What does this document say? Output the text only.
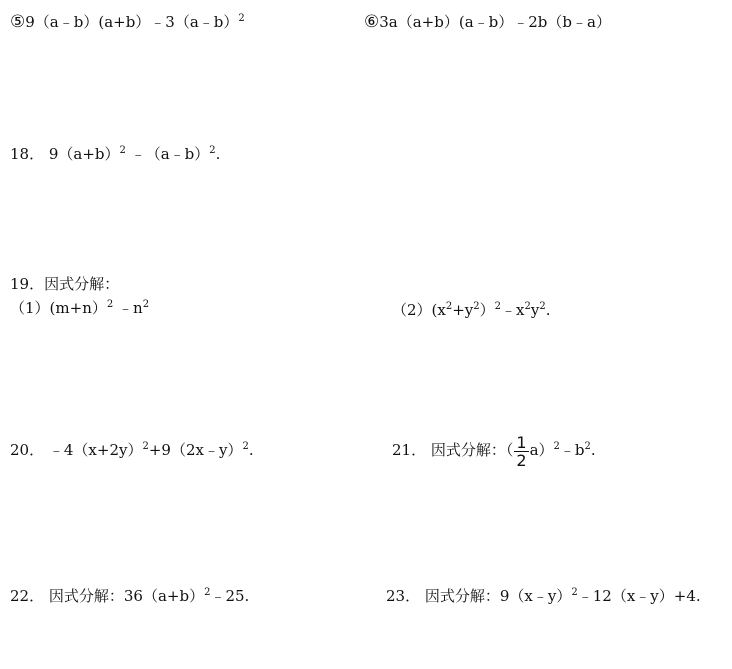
⑤9（a﹣b）(a+b）﹣3（a﹣b）$^2$	⑥3a（a+b）(a﹣b）﹣2b（b﹣a）
18． $9(a+b)^2$ ﹣（a﹣b）$^2$.
19．因式分解：
（1）(m+n）$^2$ $﹣n^2$	$(2)(x^2+y^2)^2﹣x^2y^2$.
20． $﹣4(x+2y)^2+9(2x﹣y)^2$.	21． 因式分解：（ $\frac{1}{2}$ $a)^2﹣b^2$.
22． 因式分解：$36(a+b)^2﹣25$.	23． 因式分解：9（x﹣y）$^2$﹣12（x﹣y）+4.
